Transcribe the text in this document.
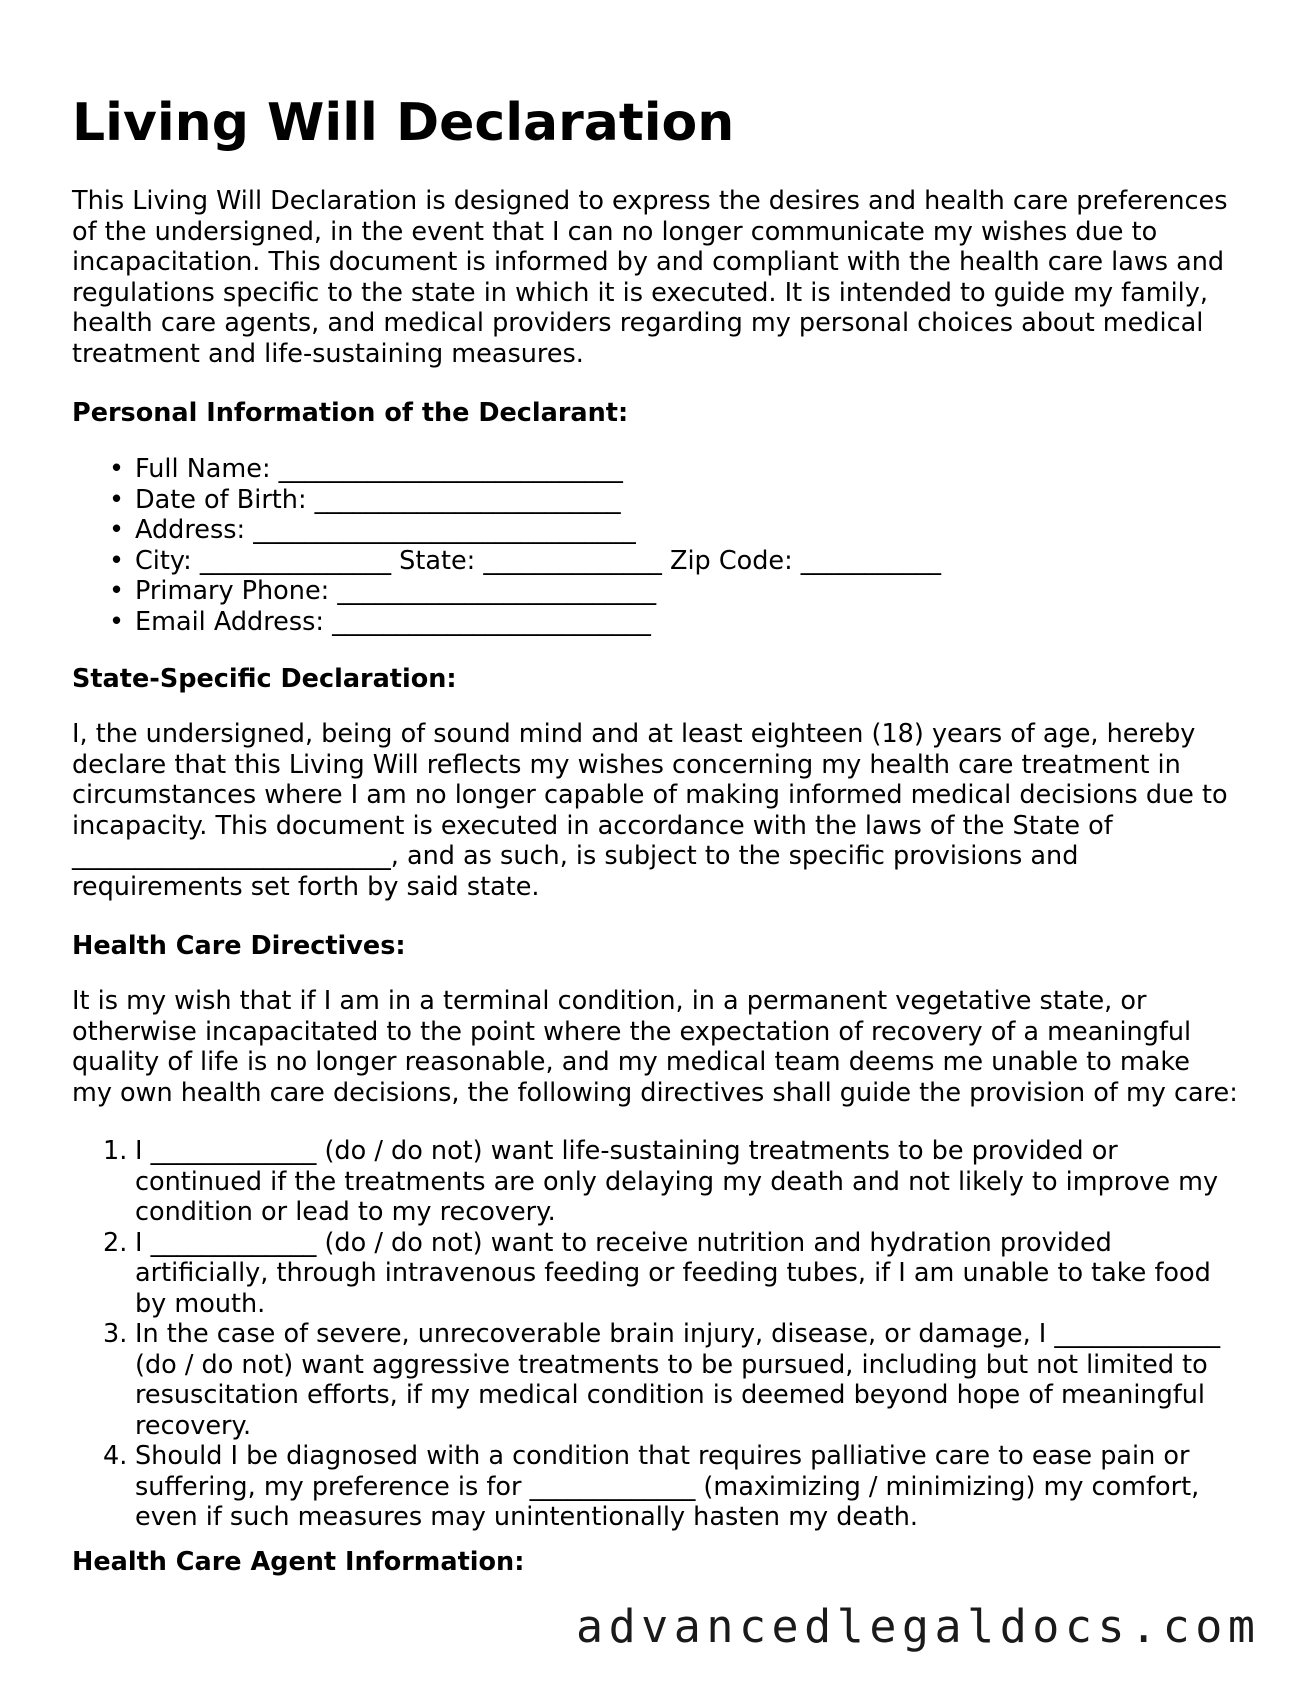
Living Will Declaration
This Living Will Declaration is designed to express the desires and health care preferences
of the undersigned, in the event that I can no longer communicate my wishes due to
incapacitation. This document is informed by and compliant with the health care laws and
regulations specific to the state in which it is executed. It is intended to guide my family,
health care agents, and medical providers regarding my personal choices about medical
treatment and life-sustaining measures.
Personal Information of the Declarant:
• Full Name: ___________________________
• Date of Birth: ________________________
• Address: ______________________________
• City: _______________ State: ______________ Zip Code: ___________
• Primary Phone: _________________________
• Email Address: _________________________
State-Specific Declaration:
I, the undersigned, being of sound mind and at least eighteen (18) years of age, hereby
declare that this Living Will reflects my wishes concerning my health care treatment in
circumstances where I am no longer capable of making informed medical decisions due to
incapacity. This document is executed in accordance with the laws of the State of
_________________________, and as such, is subject to the specific provisions and
requirements set forth by said state.
Health Care Directives:
It is my wish that if I am in a terminal condition, in a permanent vegetative state, or
otherwise incapacitated to the point where the expectation of recovery of a meaningful
quality of life is no longer reasonable, and my medical team deems me unable to make
my own health care decisions, the following directives shall guide the provision of my care:
1. I _____________ (do / do not) want life-sustaining treatments to be provided or
continued if the treatments are only delaying my death and not likely to improve my
condition or lead to my recovery.
2. I _____________ (do / do not) want to receive nutrition and hydration provided
artificially, through intravenous feeding or feeding tubes, if I am unable to take food
by mouth.
3. In the case of severe, unrecoverable brain injury, disease, or damage, I _____________
(do / do not) want aggressive treatments to be pursued, including but not limited to
resuscitation efforts, if my medical condition is deemed beyond hope of meaningful
recovery.
4. Should I be diagnosed with a condition that requires palliative care to ease pain or
suffering, my preference is for _____________ (maximizing / minimizing) my comfort,
even if such measures may unintentionally hasten my death.
Health Care Agent Information:
advancedlegaldocs.com
